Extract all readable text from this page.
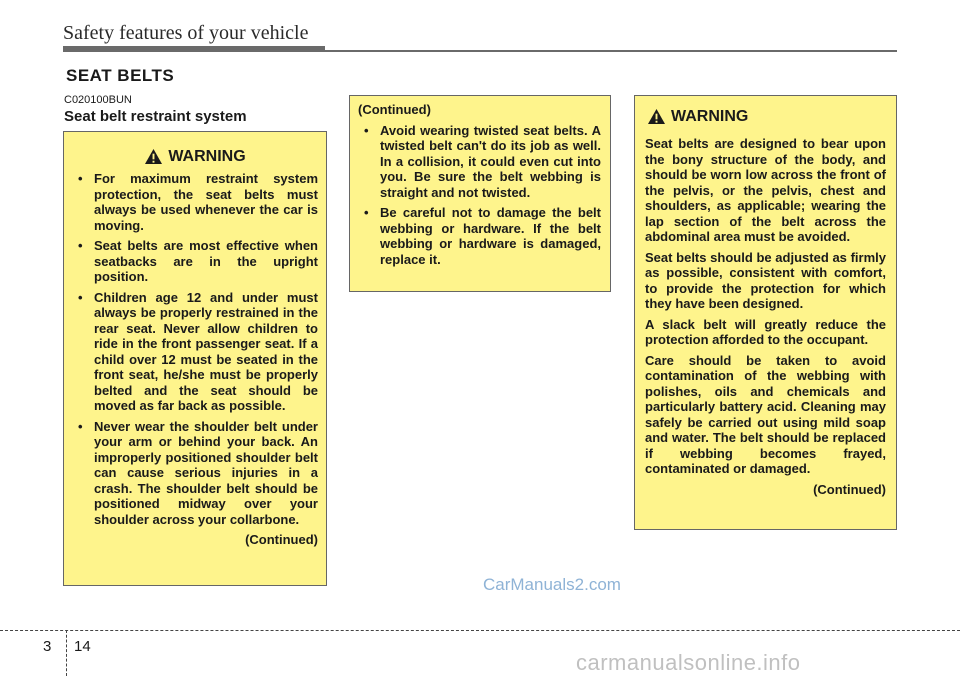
Safety features of your vehicle
SEAT BELTS
C020100BUN
Seat belt restraint system
WARNING
• For maximum restraint system protection, the seat belts must always be used whenever the car is moving.
• Seat belts are most effective when seatbacks are in the upright position.
• Children age 12 and under must always be properly restrained in the rear seat. Never allow children to ride in the front passenger seat. If a child over 12 must be seated in the front seat, he/she must be properly belted and the seat should be moved as far back as possible.
• Never wear the shoulder belt under your arm or behind your back. An improperly positioned shoulder belt can cause serious injuries in a crash. The shoulder belt should be positioned midway over your shoulder across your collarbone.
(Continued)
(Continued)
• Avoid wearing twisted seat belts. A twisted belt can't do its job as well. In a collision, it could even cut into you. Be sure the belt webbing is straight and not twisted.
• Be careful not to damage the belt webbing or hardware. If the belt webbing or hardware is damaged, replace it.
WARNING

Seat belts are designed to bear upon the bony structure of the body, and should be worn low across the front of the pelvis, or the pelvis, chest and shoulders, as applicable; wearing the lap section of the belt across the abdominal area must be avoided.

Seat belts should be adjusted as firmly as possible, consistent with comfort, to provide the protection for which they have been designed.

A slack belt will greatly reduce the protection afforded to the occupant.

Care should be taken to avoid contamination of the webbing with polishes, oils and chemicals and particularly battery acid. Cleaning may safely be carried out using mild soap and water. The belt should be replaced if webbing becomes frayed, contaminated or damaged.

(Continued)
CarManuals2.com
3 14
carmanualsonline.info
